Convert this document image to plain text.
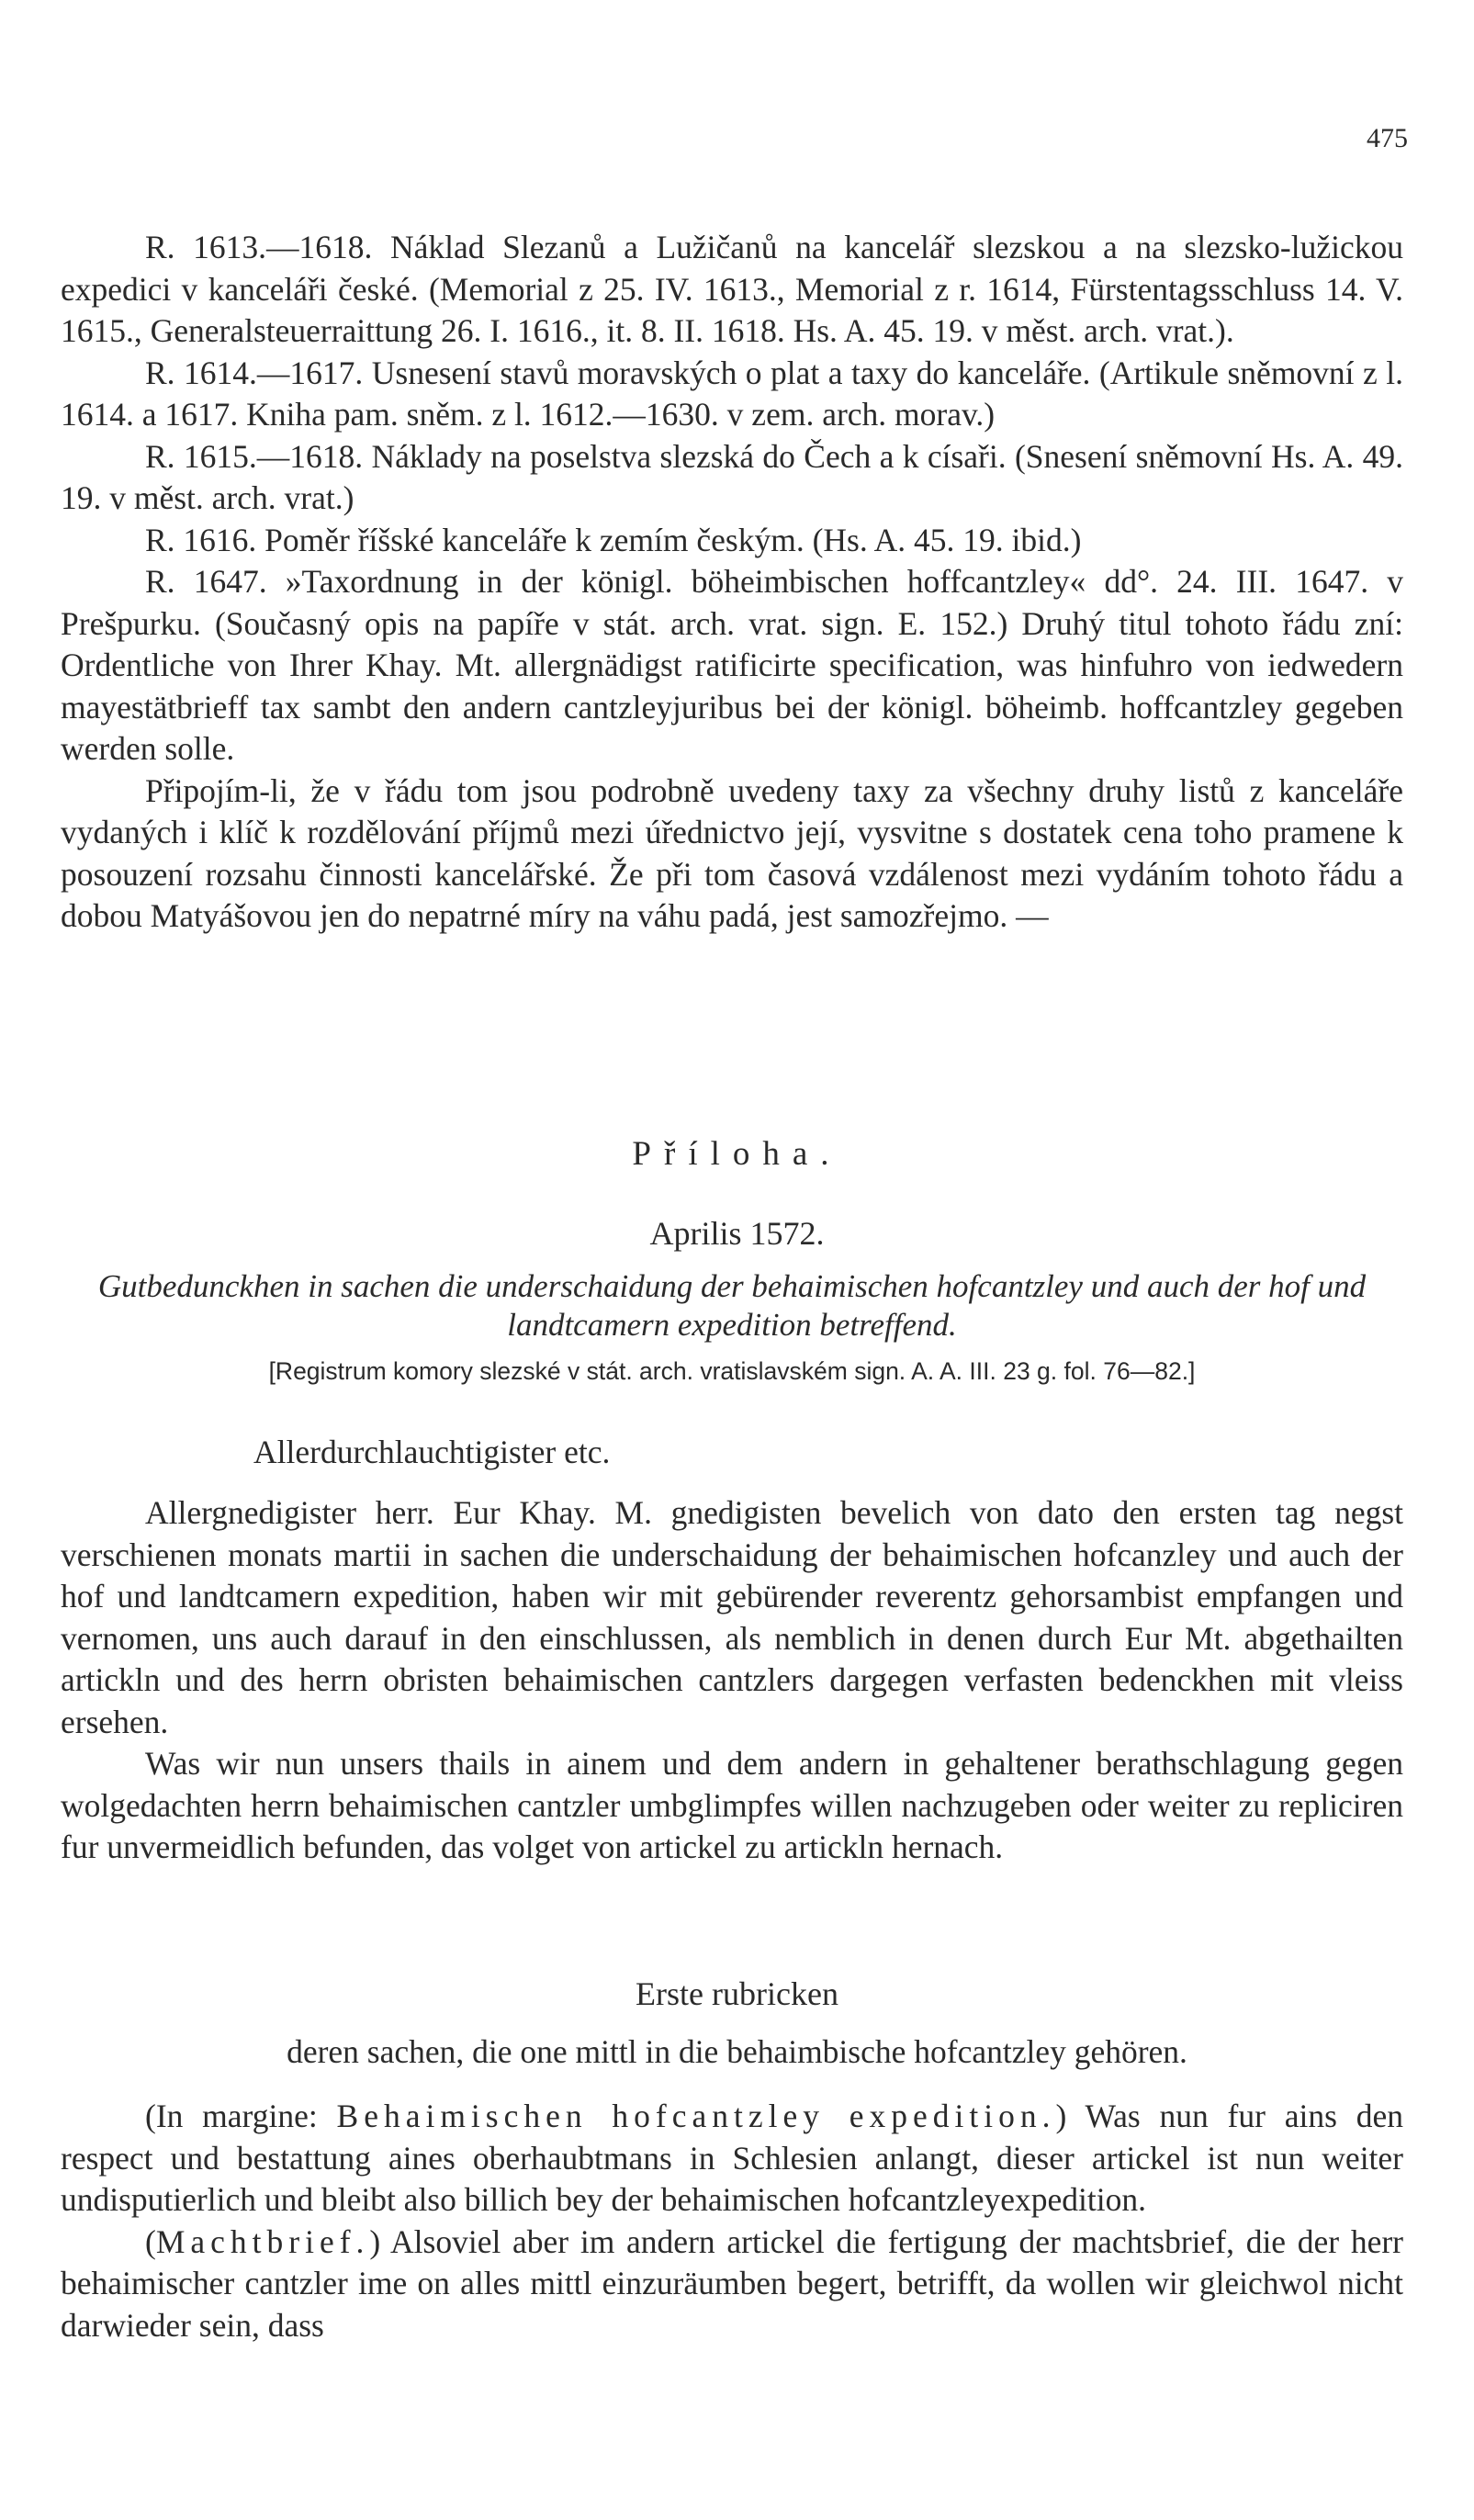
475

R. 1613.—1618. Náklad Slezanů a Lužičanů na kancelář slezskou a na slezsko-lužickou expedici v kanceláři české. (Memorial z 25. IV. 1613., Memorial z r. 1614, Fürstentagsschluss 14. V. 1615., Generalsteuerraittung 26. I. 1616., it. 8. II. 1618. Hs. A. 45. 19. v měst. arch. vrat.).

R. 1614.—1617. Usnesení stavů moravských o plat a taxy do kanceláře. (Artikule sněmovní z l. 1614. a 1617. Kniha pam. sněm. z l. 1612.—1630. v zem. arch. morav.)

R. 1615.—1618. Náklady na poselstva slezská do Čech a k císaři. (Snesení sněmovní Hs. A. 49. 19. v měst. arch. vrat.)

R. 1616. Poměr říšské kanceláře k zemím českým. (Hs. A. 45. 19. ibid.)

R. 1647. »Taxordnung in der königl. böheimbischen hoffcantzley« dd°. 24. III. 1647. v Prešpurku. (Současný opis na papíře v stát. arch. vrat. sign. E. 152.) Druhý titul tohoto řádu zní: Ordentliche von Ihrer Khay. Mt. allergnädigst ratificirte specification, was hinfuhro von iedwedern mayestätbrieff tax sambt den andern cantzleyjuribus bei der königl. böheimb. hoffcantzley gegeben werden solle.

Připojím-li, že v řádu tom jsou podrobně uvedeny taxy za všechny druhy listů z kanceláře vydaných i klíč k rozdělování příjmů mezi úřednictvo její, vysvitne s dostatek cena toho pramene k posouzení rozsahu činnosti kancelářské. Že při tom časová vzdálenost mezi vydáním tohoto řádu a dobou Matyášovou jen do nepatrné míry na váhu padá, jest samozřejmo. —

Příloha.
Aprilis 1572.
Gutbedunckhen in sachen die underschaidung der behaimischen hofcantzley und auch der hof und landtcamern expedition betreffend.
[Registrum komory slezské v stát. arch. vratislavském sign. A. A. III. 23 g. fol. 76—82.]
Allerdurchlauchtigister etc.

Allergnedigister herr. Eur Khay. M. gnedigisten bevelich von dato den ersten tag negst verschienen monats martii in sachen die underschaidung der behaimischen hofcanzley und auch der hof und landtcamern expedition, haben wir mit gebürender reverentz gehorsambist empfangen und vernomen, uns auch darauf in den einschlussen, als nemblich in denen durch Eur Mt. abgethailten artickln und des herrn obristen behaimischen cantzlers dargegen verfasten bedenckhen mit vleiss ersehen.

Was wir nun unsers thails in ainem und dem andern in gehaltener berathschlagung gegen wolgedachten herrn behaimischen cantzler umbglimpfes willen nachzugeben oder weiter zu repliciren fur unvermeidlich befunden, das volget von artickel zu artickln hernach.

Erste rubricken
deren sachen, die one mittl in die behaimbische hofcantzley gehören.

(In margine: Behaimischen hofcantzley expedition.) Was nun fur ains den respect und bestattung aines oberhaubtmans in Schlesien anlangt, dieser artickel ist nun weiter undisputierlich und bleibt also billich bey der behaimischen hofcantzleyexpedition.

(Machtbrief.) Alsoviel aber im andern artickel die fertigung der machtsbrief, die der herr behaimischer cantzler ime on alles mittl einzuräumben begert, betrifft, da wollen wir gleichwol nicht darwieder sein, dass
